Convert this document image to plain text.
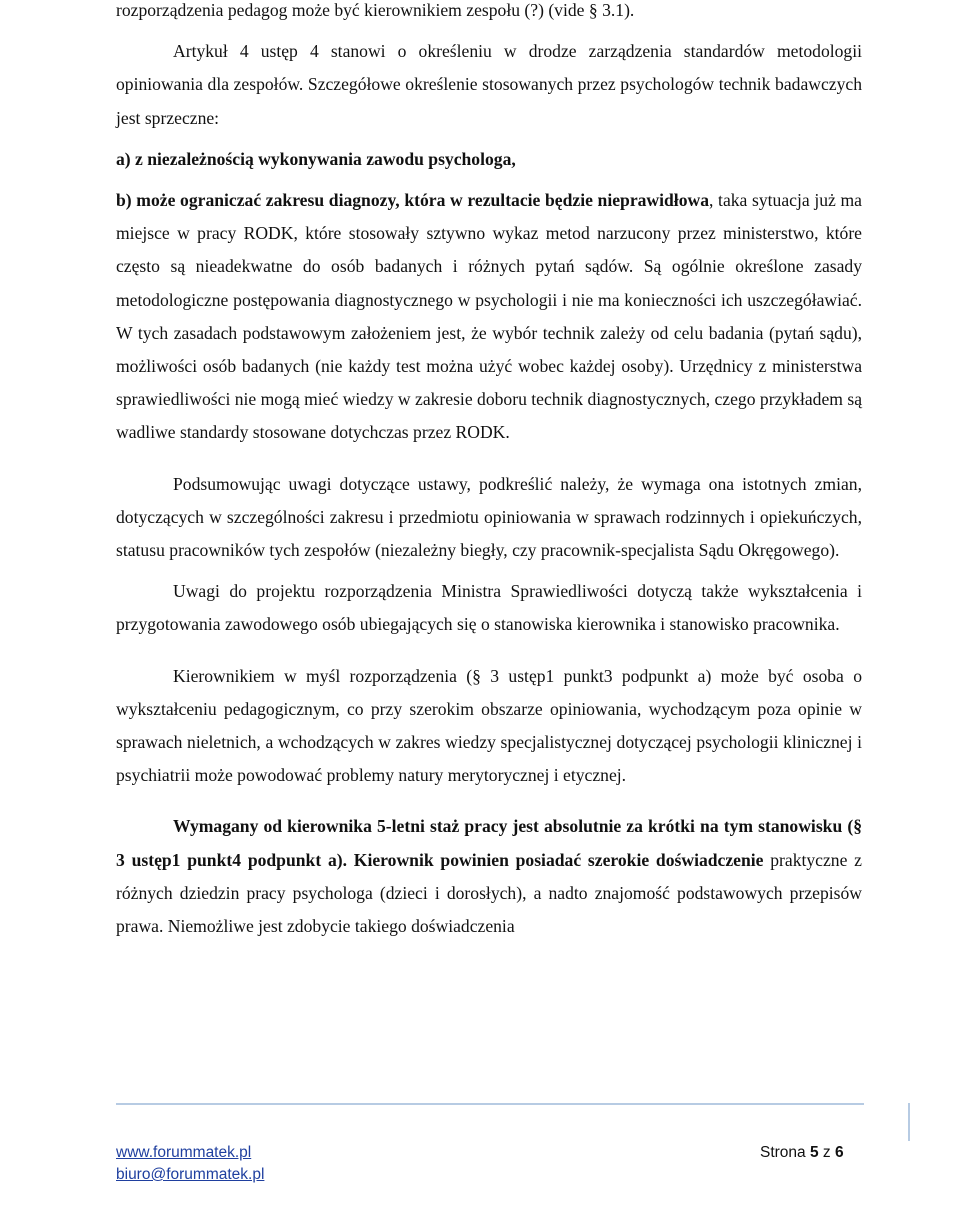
rozporządzenia pedagog może być kierownikiem zespołu (?) (vide § 3.1).

Artykuł 4 ustęp 4 stanowi o określeniu w drodze zarządzenia standardów metodologii opiniowania dla zespołów. Szczegółowe określenie stosowanych przez psychologów technik badawczych jest sprzeczne:

a) z niezależnością wykonywania zawodu psychologa,

b) może ograniczać zakresu diagnozy, która w rezultacie będzie nieprawidłowa, taka sytuacja już ma miejsce w pracy RODK, które stosowały sztywno wykaz metod narzucony przez ministerstwo, które często są nieadekwatne do osób badanych i różnych pytań sądów. Są ogólnie określone zasady metodologiczne postępowania diagnostycznego w psychologii i nie ma konieczności ich uszczegóławiać. W tych zasadach podstawowym założeniem jest, że wybór technik zależy od celu badania (pytań sądu), możliwości osób badanych (nie każdy test można użyć wobec każdej osoby). Urzędnicy z ministerstwa sprawiedliwości nie mogą mieć wiedzy w zakresie doboru technik diagnostycznych, czego przykładem są wadliwe standardy stosowane dotychczas przez RODK.

Podsumowując uwagi dotyczące ustawy, podkreślić należy, że wymaga ona istotnych zmian, dotyczących w szczególności zakresu i przedmiotu opiniowania w sprawach rodzinnych i opiekuńczych, statusu pracowników tych zespołów (niezależny biegły, czy pracownik-specjalista Sądu Okręgowego).

Uwagi do projektu rozporządzenia Ministra Sprawiedliwości dotyczą także wykształcenia i przygotowania zawodowego osób ubiegających się o stanowiska kierownika i stanowisko pracownika.

Kierownikiem w myśl rozporządzenia (§ 3 ustęp1 punkt3 podpunkt a) może być osoba o wykształceniu pedagogicznym, co przy szerokim obszarze opiniowania, wychodzącym poza opinie w sprawach nieletnich, a wchodzących w zakres wiedzy specjalistycznej dotyczącej psychologii klinicznej i psychiatrii może powodować problemy natury merytorycznej i etycznej.

Wymagany od kierownika 5-letni staż pracy jest absolutnie za krótki na tym stanowisku (§ 3 ustęp1 punkt4 podpunkt a). Kierownik powinien posiadać szerokie doświadczenie praktyczne z różnych dziedzin pracy psychologa (dzieci i dorosłych), a nadto znajomość podstawowych przepisów prawa. Niemożliwe jest zdobycie takiego doświadczenia

www.forummatek.pl
biuro@forummatek.pl
Strona 5 z 6
